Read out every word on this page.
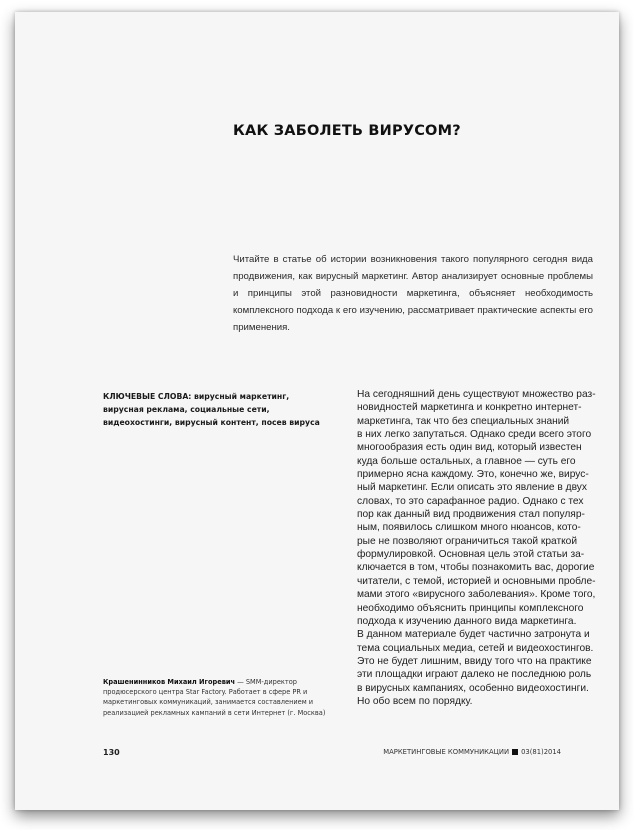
КАК ЗАБОЛЕТЬ ВИРУСОМ?
Читайте в статье об истории возникновения такого популярного сегодня вида продвижения, как вирусный маркетинг. Автор анализирует основные проблемы и принципы этой разновидности маркетинга, объясняет необходимость комплексного подхода к его изучению, рассматривает практические аспекты его применения.
КЛЮЧЕВЫЕ СЛОВА: вирусный маркетинг, вирусная реклама, социальные сети, видеохостинги, вирусный контент, посев вируса
На сегодняшний день существуют множество раз-
новидностей маркетинга и конкретно интернет-
маркетинга, так что без специальных знаний
в них легко запутаться. Однако среди всего этого
многообразия есть один вид, который известен
куда больше остальных, а главное — суть его
примерно ясна каждому. Это, конечно же, вирус-
ный маркетинг. Если описать это явление в двух
словах, то это сарафанное радио. Однако с тех
пор как данный вид продвижения стал популяр-
ным, появилось слишком много нюансов, кото-
рые не позволяют ограничиться такой краткой
формулировкой. Основная цель этой статьи за-
ключается в том, чтобы познакомить вас, дорогие
читатели, с темой, историей и основными пробле-
мами этого «вирусного заболевания». Кроме того,
необходимо объяснить принципы комплексного
подхода к изучению данного вида маркетинга.
В данном материале будет частично затронута и
тема социальных медиа, сетей и видеохостингов.
Это не будет лишним, ввиду того что на практике
эти площадки играют далеко не последнюю роль
в вирусных кампаниях, особенно видеохостинги.
Но обо всем по порядку.
Крашенинников Михаил Игоревич — SMM-директор продюсерского центра Star Factory. Работает в сфере PR и маркетинговых коммуникаций, занимается составлением и реализацией рекламных кампаний в сети Интернет (г. Москва)
130	МАРКЕТИНГОВЫЕ КОММУНИКАЦИИ 03(81)2014
